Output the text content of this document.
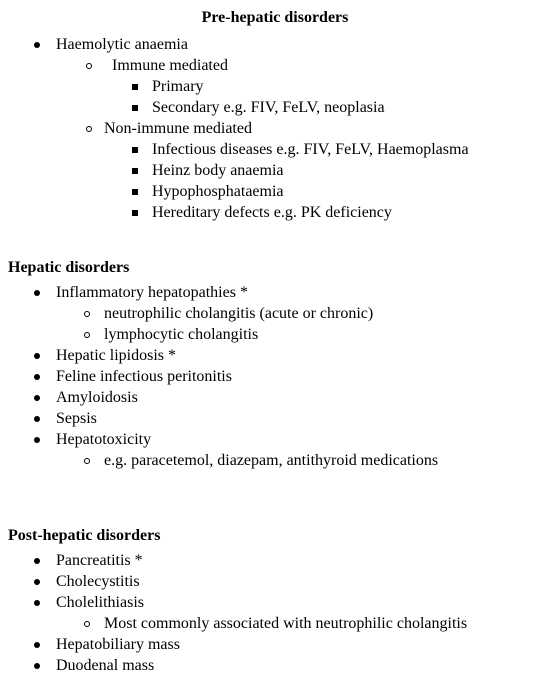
Pre-hepatic disorders
Haemolytic anaemia
Immune mediated
Primary
Secondary e.g. FIV, FeLV, neoplasia
Non-immune mediated
Infectious diseases e.g. FIV, FeLV, Haemoplasma
Heinz body anaemia
Hypophosphataemia
Hereditary defects e.g. PK deficiency
Hepatic disorders
Inflammatory hepatopathies *
neutrophilic cholangitis (acute or chronic)
lymphocytic cholangitis
Hepatic lipidosis *
Feline infectious peritonitis
Amyloidosis
Sepsis
Hepatotoxicity
e.g. paracetemol, diazepam, antithyroid medications
Post-hepatic disorders
Pancreatitis *
Cholecystitis
Cholelithiasis
Most commonly associated with neutrophilic cholangitis
Hepatobiliary mass
Duodenal mass
